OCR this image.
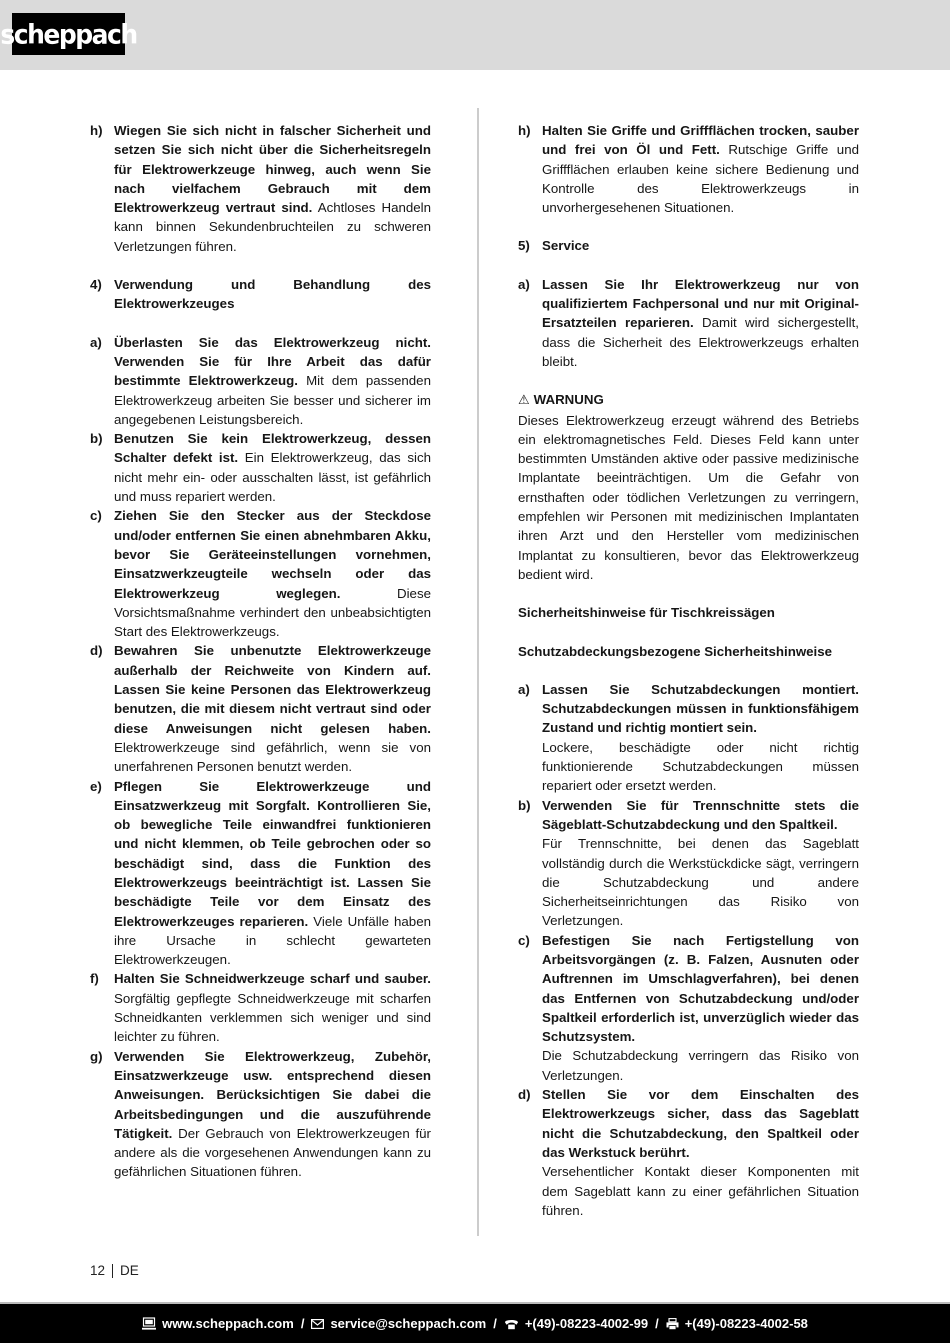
scheppach
h) Wiegen Sie sich nicht in falscher Sicherheit und setzen Sie sich nicht über die Sicherheitsregeln für Elektrowerkzeuge hinweg, auch wenn Sie nach vielfachem Gebrauch mit dem Elektrowerkzeug vertraut sind. Achtloses Handeln kann binnen Sekundenbruchteilen zu schweren Verletzungen führen.
4) Verwendung und Behandlung des Elektrowerkzeuges
a) Überlasten Sie das Elektrowerkzeug nicht. Verwenden Sie für Ihre Arbeit das dafür bestimmte Elektrowerkzeug. Mit dem passenden Elektrowerkzeug arbeiten Sie besser und sicherer im angegebenen Leistungsbereich.
b) Benutzen Sie kein Elektrowerkzeug, dessen Schalter defekt ist. Ein Elektrowerkzeug, das sich nicht mehr ein- oder ausschalten lässt, ist gefährlich und muss repariert werden.
c) Ziehen Sie den Stecker aus der Steckdose und/oder entfernen Sie einen abnehmbaren Akku, bevor Sie Geräteeinstellungen vornehmen, Einsatzwerkzeugteile wechseln oder das Elektrowerkzeug weglegen. Diese Vorsichtsmaßnahme verhindert den unbeabsichtigten Start des Elektrowerkzeugs.
d) Bewahren Sie unbenutzte Elektrowerkzeuge außerhalb der Reichweite von Kindern auf. Lassen Sie keine Personen das Elektrowerkzeug benutzen, die mit diesem nicht vertraut sind oder diese Anweisungen nicht gelesen haben. Elektrowerkzeuge sind gefährlich, wenn sie von unerfahrenen Personen benutzt werden.
e) Pflegen Sie Elektrowerkzeuge und Einsatzwerkzeug mit Sorgfalt. Kontrollieren Sie, ob bewegliche Teile einwandfrei funktionieren und nicht klemmen, ob Teile gebrochen oder so beschädigt sind, dass die Funktion des Elektrowerkzeugs beeinträchtigt ist. Lassen Sie beschädigte Teile vor dem Einsatz des Elektrowerkzeuges reparieren. Viele Unfälle haben ihre Ursache in schlecht gewarteten Elektrowerkzeugen.
f) Halten Sie Schneidwerkzeuge scharf und sauber. Sorgfältig gepflegte Schneidwerkzeuge mit scharfen Schneidkanten verklemmen sich weniger und sind leichter zu führen.
g) Verwenden Sie Elektrowerkzeug, Zubehör, Einsatzwerkzeuge usw. entsprechend diesen Anweisungen. Berücksichtigen Sie dabei die Arbeitsbedingungen und die auszuführende Tätigkeit. Der Gebrauch von Elektrowerkzeugen für andere als die vorgesehenen Anwendungen kann zu gefährlichen Situationen führen.
h) Halten Sie Griffe und Griffflächen trocken, sauber und frei von Öl und Fett. Rutschige Griffe und Griffflächen erlauben keine sichere Bedienung und Kontrolle des Elektrowerkzeugs in unvorhergesehenen Situationen.
5) Service
a) Lassen Sie Ihr Elektrowerkzeug nur von qualifiziertem Fachpersonal und nur mit Original-Ersatzteilen reparieren. Damit wird sichergestellt, dass die Sicherheit des Elektrowerkzeugs erhalten bleibt.
⚠ WARNUNG
Dieses Elektrowerkzeug erzeugt während des Betriebs ein elektromagnetisches Feld. Dieses Feld kann unter bestimmten Umständen aktive oder passive medizinische Implantate beeinträchtigen. Um die Gefahr von ernsthaften oder tödlichen Verletzungen zu verringern, empfehlen wir Personen mit medizinischen Implantaten ihren Arzt und den Hersteller vom medizinischen Implantat zu konsultieren, bevor das Elektrowerkzeug bedient wird.
Sicherheitshinweise für Tischkreissägen
Schutzabdeckungsbezogene Sicherheitshinweise
a) Lassen Sie Schutzabdeckungen montiert. Schutzabdeckungen müssen in funktionsfähigem Zustand und richtig montiert sein.
Lockere, beschädigte oder nicht richtig funktionierende Schutzabdeckungen müssen repariert oder ersetzt werden.
b) Verwenden Sie für Trennschnitte stets die Sägeblatt-Schutzabdeckung und den Spaltkeil.
Für Trennschnitte, bei denen das Sageblatt vollständig durch die Werkstückdicke sägt, verringern die Schutzabdeckung und andere Sicherheitseinrichtungen das Risiko von Verletzungen.
c) Befestigen Sie nach Fertigstellung von Arbeitsvorgängen (z. B. Falzen, Ausnuten oder Auftrennen im Umschlagverfahren), bei denen das Entfernen von Schutzabdeckung und/oder Spaltkeil erforderlich ist, unverzüglich wieder das Schutzsystem.
Die Schutzabdeckung verringern das Risiko von Verletzungen.
d) Stellen Sie vor dem Einschalten des Elektrowerkzeugs sicher, dass das Sageblatt nicht die Schutzabdeckung, den Spaltkeil oder das Werkstuck berührt.
Versehentlicher Kontakt dieser Komponenten mit dem Sageblatt kann zu einer gefährlichen Situation führen.
12 DE
www.scheppach.com / service@scheppach.com / +(49)-08223-4002-99 / +(49)-08223-4002-58
